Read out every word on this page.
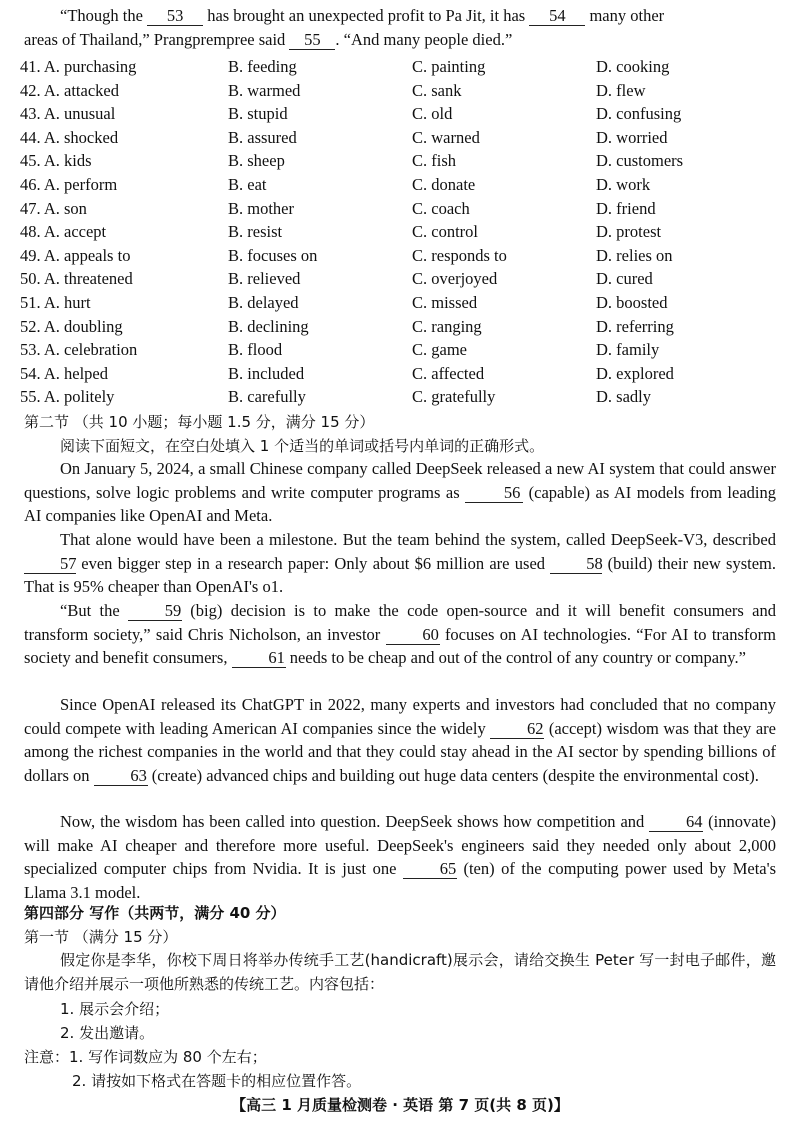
“Though the 53 has brought an unexpected profit to Pa Jit, it has 54 many other
areas of Thailand,” Prangprempree said 55 . “And many people died.”
41. A. purchasing	B. feeding	C. painting	D. cooking
42. A. attacked	B. warmed	C. sank	D. flew
43. A. unusual	B. stupid	C. old	D. confusing
44. A. shocked	B. assured	C. warned	D. worried
45. A. kids	B. sheep	C. fish	D. customers
46. A. perform	B. eat	C. donate	D. work
47. A. son	B. mother	C. coach	D. friend
48. A. accept	B. resist	C. control	D. protest
49. A. appeals to	B. focuses on	C. responds to	D. relies on
50. A. threatened	B. relieved	C. overjoyed	D. cured
51. A. hurt	B. delayed	C. missed	D. boosted
52. A. doubling	B. declining	C. ranging	D. referring
53. A. celebration	B. flood	C. game	D. family
54. A. helped	B. included	C. affected	D. explored
55. A. politely	B. carefully	C. gratefully	D. sadly
第二节 （共 10 小题；每小题 1.5 分，满分 15 分）
阅读下面短文，在空白处填入 1 个适当的单词或括号内单词的正确形式。
On January 5, 2024, a small Chinese company called DeepSeek released a new AI system that could answer questions, solve logic problems and write computer programs as 56 (capable) as AI models from leading AI companies like OpenAI and Meta.
That alone would have been a milestone. But the team behind the system, called DeepSeek-V3, described 57 even bigger step in a research paper: Only about $6 million are used 58 (build) their new system. That is 95% cheaper than OpenAI's o1.
“But the 59 (big) decision is to make the code open-source and it will benefit consumers and transform society,” said Chris Nicholson, an investor 60 focuses on AI technologies. “For AI to transform society and benefit consumers, 61 needs to be cheap and out of the control of any country or company.”
Since OpenAI released its ChatGPT in 2022, many experts and investors had concluded that no company could compete with leading American AI companies since the widely 62 (accept) wisdom was that they are among the richest companies in the world and that they could stay ahead in the AI sector by spending billions of dollars on 63 (create) advanced chips and building out huge data centers (despite the environmental cost).
Now, the wisdom has been called into question. DeepSeek shows how competition and 64 (innovate) will make AI cheaper and therefore more useful. DeepSeek's engineers said they needed only about 2,000 specialized computer chips from Nvidia. It is just one 65 (ten) of the computing power used by Meta's Llama 3.1 model.
第四部分 写作（共两节，满分 40 分）
第一节 （满分 15 分）
假定你是李华，你校下周日将举办传统手工艺(handicraft)展示会，请给交换生 Peter 写一封电子邮件，邀请他介绍并展示一项他所熟悉的传统工艺。内容包括：
1. 展示会介绍；
2. 发出邀请。
注意：1. 写作词数应为 80 个左右；
2. 请按如下格式在答题卡的相应位置作答。
【高三 1 月质量检测卷 · 英语 第 7 页(共 8 页)】
